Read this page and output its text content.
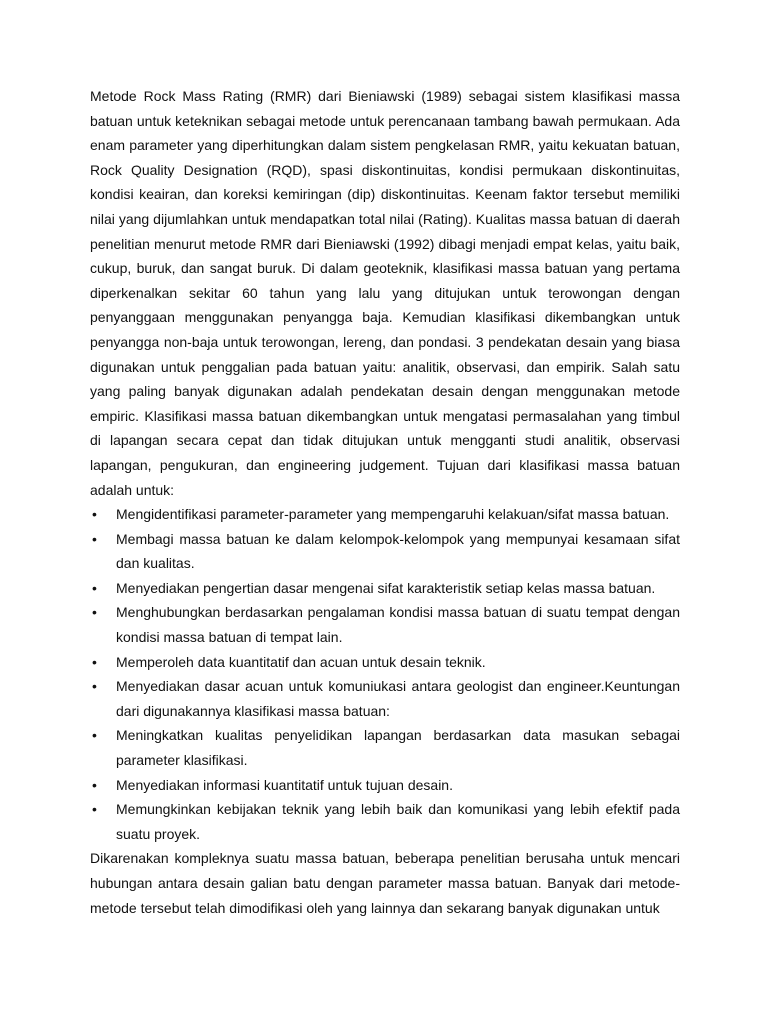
Metode Rock Mass Rating (RMR) dari Bieniawski (1989) sebagai sistem klasifikasi massa batuan untuk keteknikan sebagai metode untuk perencanaan tambang bawah permukaan. Ada enam parameter yang diperhitungkan dalam sistem pengkelasan RMR, yaitu kekuatan batuan, Rock Quality Designation (RQD), spasi diskontinuitas, kondisi permukaan diskontinuitas, kondisi keairan, dan koreksi kemiringan (dip) diskontinuitas. Keenam faktor tersebut memiliki nilai yang dijumlahkan untuk mendapatkan total nilai (Rating). Kualitas massa batuan di daerah penelitian menurut metode RMR dari Bieniawski (1992) dibagi menjadi empat kelas, yaitu baik, cukup, buruk, dan sangat buruk. Di dalam geoteknik, klasifikasi massa batuan yang pertama diperkenalkan sekitar 60 tahun yang lalu yang ditujukan untuk terowongan dengan penyanggaan menggunakan penyangga baja. Kemudian klasifikasi dikembangkan untuk penyangga non-baja untuk terowongan, lereng, dan pondasi. 3 pendekatan desain yang biasa digunakan untuk penggalian pada batuan yaitu: analitik, observasi, dan empirik. Salah satu yang paling banyak digunakan adalah pendekatan desain dengan menggunakan metode empiric. Klasifikasi massa batuan dikembangkan untuk mengatasi permasalahan yang timbul di lapangan secara cepat dan tidak ditujukan untuk mengganti studi analitik, observasi lapangan, pengukuran, dan engineering judgement. Tujuan dari klasifikasi massa batuan adalah untuk:

• Mengidentifikasi parameter-parameter yang mempengaruhi kelakuan/sifat massa batuan.
• Membagi massa batuan ke dalam kelompok-kelompok yang mempunyai kesamaan sifat dan kualitas.
• Menyediakan pengertian dasar mengenai sifat karakteristik setiap kelas massa batuan.
• Menghubungkan berdasarkan pengalaman kondisi massa batuan di suatu tempat dengan kondisi massa batuan di tempat lain.
• Memperoleh data kuantitatif dan acuan untuk desain teknik.
• Menyediakan dasar acuan untuk komuniukasi antara geologist dan engineer.Keuntungan dari digunakannya klasifikasi massa batuan:
• Meningkatkan kualitas penyelidikan lapangan berdasarkan data masukan sebagai parameter klasifikasi.
• Menyediakan informasi kuantitatif untuk tujuan desain.
• Memungkinkan kebijakan teknik yang lebih baik dan komunikasi yang lebih efektif pada suatu proyek.

Dikarenakan kompleknya suatu massa batuan, beberapa penelitian berusaha untuk mencari hubungan antara desain galian batu dengan parameter massa batuan. Banyak dari metode-metode tersebut telah dimodifikasi oleh yang lainnya dan sekarang banyak digunakan untuk
